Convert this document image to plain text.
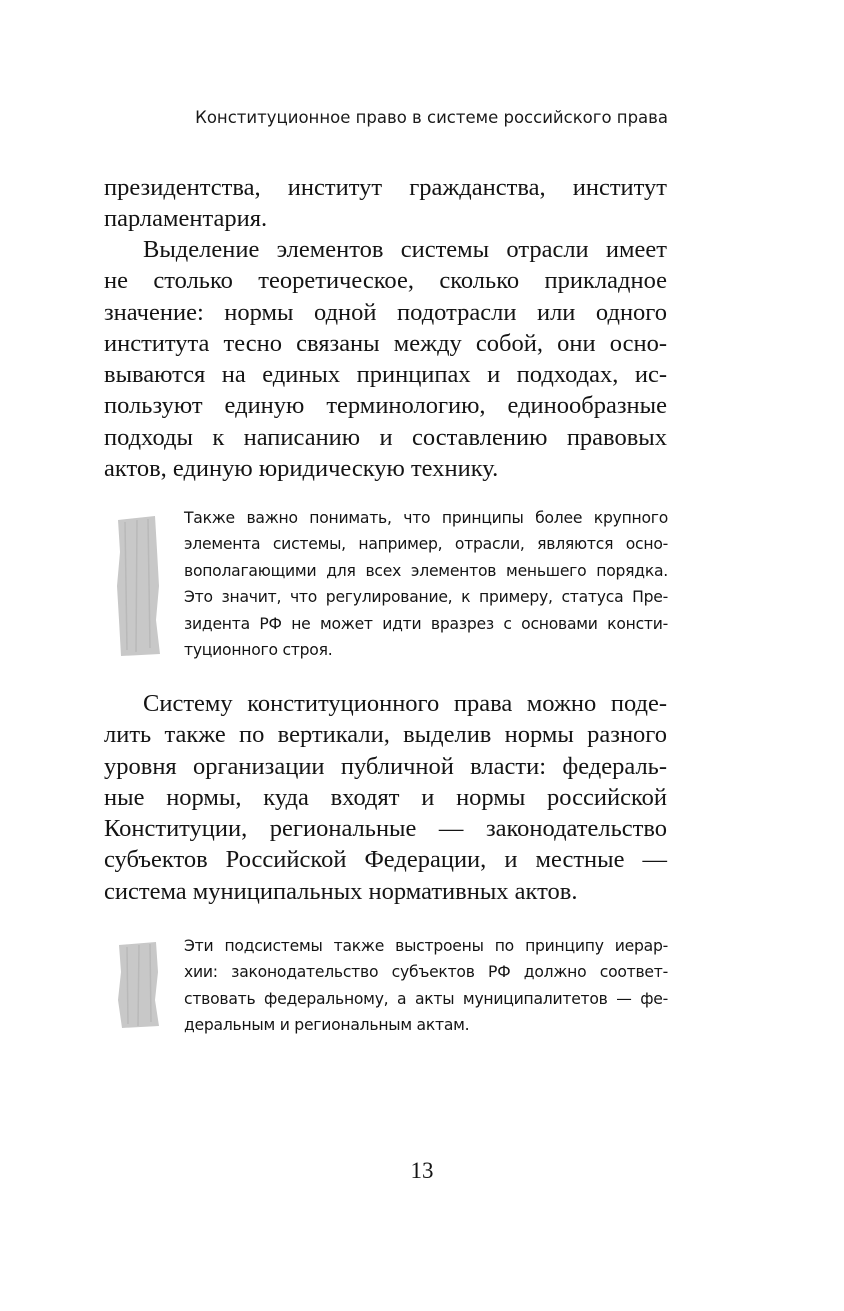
Конституционное право в системе российского права

президентства, институт гражданства, институт
парламентария.

Выделение элементов системы отрасли имеет
не столько теоретическое, сколько прикладное
значение: нормы одной подотрасли или одного
института тесно связаны между собой, они осно-
вываются на единых принципах и подходах, ис-
пользуют единую терминологию, единообразные
подходы к написанию и составлению правовых
актов, единую юридическую технику.

Также важно понимать, что принципы более крупного
элемента системы, например, отрасли, являются осно-
вополагающими для всех элементов меньшего порядка.
Это значит, что регулирование, к примеру, статуса Пре-
зидента РФ не может идти вразрез с основами консти-
туционного строя.

Систему конституционного права можно поде-
лить также по вертикали, выделив нормы разного
уровня организации публичной власти: федераль-
ные нормы, куда входят и нормы российской
Конституции, региональные — законодательство
субъектов Российской Федерации, и местные —
система муниципальных нормативных актов.

Эти подсистемы также выстроены по принципу иерар-
хии: законодательство субъектов РФ должно соответ-
ствовать федеральному, а акты муниципалитетов — фе-
деральным и региональным актам.
13
